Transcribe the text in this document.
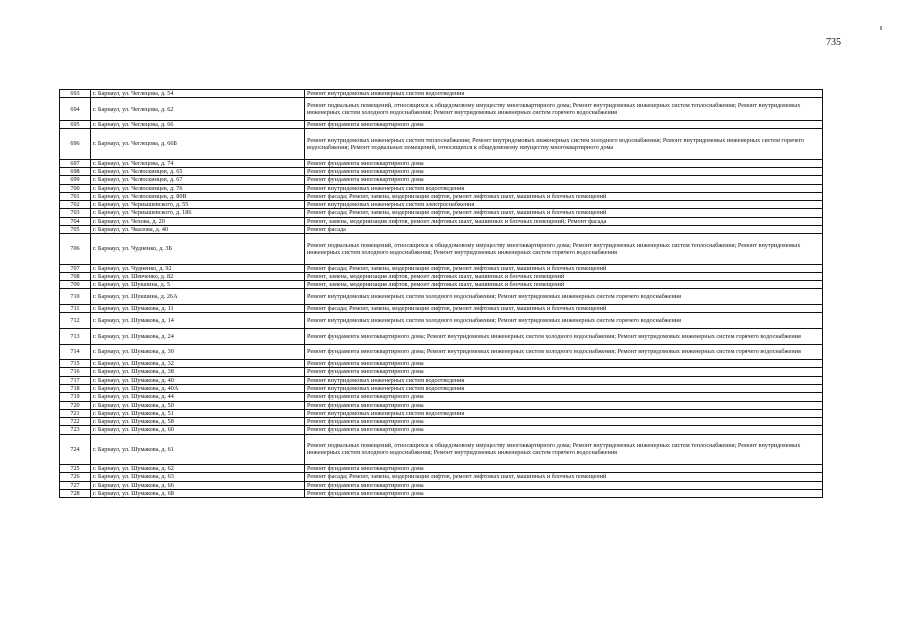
735
693	г. Барнаул, ул. Чеглецова, д. 54	Ремонт внутридомовых инженерных систем водоотведения
694	г. Барнаул, ул. Чеглецова, д. 62	Ремонт подвальных помещений, относящихся к общедомовому имуществу многоквартирного дома; Ремонт внутридомовых инженерных систем теплоснабжения; Ремонт внутридомовых инженерных систем холодного водоснабжения; Ремонт внутридомовых инженерных систем горячего водоснабжения
695	г. Барнаул, ул. Чеглецова, д. 66	Ремонт фундамента многоквартирного дома
696	г. Барнаул, ул. Чеглецова, д. 66Б	Ремонт внутридомовых инженерных систем теплоснабжения; Ремонт внутридомовых инженерных систем холодного водоснабжения; Ремонт внутридомовых инженерных систем горячего водоснабжения; Ремонт подвальных помещений, относящихся к общедомовому имуществу многоквартирного дома
697	г. Барнаул, ул. Чеглецова, д. 74	Ремонт фундамента многоквартирного дома
698	г. Барнаул, ул. Челюскинцев, д. 65	Ремонт фундамента многоквартирного дома
699	г. Барнаул, ул. Челюскинцев, д. 67	Ремонт фундамента многоквартирного дома
700	г. Барнаул, ул. Челюскинцев, д. 76	Ремонт внутридомовых инженерных систем водоотведения
701	г. Барнаул, ул. Челюскинцев, д. 80В	Ремонт фасада; Ремонт, замена, модернизация лифтов, ремонт лифтовых шахт, машинных и блочных помещений
702	г. Барнаул, ул. Чернышевского, д. 55	Ремонт внутридомовых инженерных систем электроснабжения
703	г. Барнаул, ул. Чернышевского, д. 186	Ремонт фасада; Ремонт, замена, модернизация лифтов, ремонт лифтовых шахт, машинных и блочных помещений
704	г. Барнаул, ул. Чехова, д. 20	Ремонт, замена, модернизация лифтов, ремонт лифтовых шахт, машинных и блочных помещений; Ремонт фасада
705	г. Барнаул, ул. Чкалова, д. 40	Ремонт фасада
706	г. Барнаул, ул. Чудненко, д. 3Б	Ремонт подвальных помещений, относящихся к общедомовому имуществу многоквартирного дома; Ремонт внутридомовых инженерных систем теплоснабжения; Ремонт внутридомовых инженерных систем холодного водоснабжения; Ремонт внутридомовых инженерных систем горячего водоснабжения
707	г. Барнаул, ул. Чудненко, д. 92	Ремонт фасада; Ремонт, замена, модернизация лифтов, ремонт лифтовых шахт, машинных и блочных помещений
708	г. Барнаул, ул. Шевченко, д. 82	Ремонт, замена, модернизация лифтов, ремонт лифтовых шахт, машинных и блочных помещений
709	г. Барнаул, ул. Шукшина, д. 5	Ремонт, замена, модернизация лифтов, ремонт лифтовых шахт, машинных и блочных помещений
710	г. Барнаул, ул. Шукшина, д. 26А	Ремонт внутридомовых инженерных систем холодного водоснабжения; Ремонт внутридомовых инженерных систем горячего водоснабжения
711	г. Барнаул, ул. Шумакова, д. 11	Ремонт фасада; Ремонт, замена, модернизация лифтов, ремонт лифтовых шахт, машинных и блочных помещений
712	г. Барнаул, ул. Шумакова, д. 14	Ремонт внутридомовых инженерных систем холодного водоснабжения; Ремонт внутридомовых инженерных систем горячего водоснабжения
713	г. Барнаул, ул. Шумакова, д. 24	Ремонт фундамента многоквартирного дома; Ремонт внутридомовых инженерных систем холодного водоснабжения; Ремонт внутридомовых инженерных систем горячего водоснабжения
714	г. Барнаул, ул. Шумакова, д. 30	Ремонт фундамента многоквартирного дома; Ремонт внутридомовых инженерных систем холодного водоснабжения; Ремонт внутридомовых инженерных систем горячего водоснабжения
715	г. Барнаул, ул. Шумакова, д. 32	Ремонт фундамента многоквартирного дома
716	г. Барнаул, ул. Шумакова, д. 38	Ремонт фундамента многоквартирного дома
717	г. Барнаул, ул. Шумакова, д. 40	Ремонт внутридомовых инженерных систем водоотведения
718	г. Барнаул, ул. Шумакова, д. 40А	Ремонт внутридомовых инженерных систем водоотведения
719	г. Барнаул, ул. Шумакова, д. 44	Ремонт фундамента многоквартирного дома
720	г. Барнаул, ул. Шумакова, д. 50	Ремонт фундамента многоквартирного дома
721	г. Барнаул, ул. Шумакова, д. 51	Ремонт внутридомовых инженерных систем водоотведения
722	г. Барнаул, ул. Шумакова, д. 58	Ремонт фундамента многоквартирного дома
723	г. Барнаул, ул. Шумакова, д. 60	Ремонт фундамента многоквартирного дома
724	г. Барнаул, ул. Шумакова, д. 61	Ремонт подвальных помещений, относящихся к общедомовому имуществу многоквартирного дома; Ремонт внутридомовых инженерных систем теплоснабжения; Ремонт внутридомовых инженерных систем холодного водоснабжения; Ремонт внутридомовых инженерных систем горячего водоснабжения
725	г. Барнаул, ул. Шумакова, д. 62	Ремонт фундамента многоквартирного дома
726	г. Барнаул, ул. Шумакова, д. 63	Ремонт фасада; Ремонт, замена, модернизация лифтов, ремонт лифтовых шахт, машинных и блочных помещений
727	г. Барнаул, ул. Шумакова, д. 66	Ремонт фундамента многоквартирного дома
728	г. Барнаул, ул. Шумакова, д. 68	Ремонт фундамента многоквартирного дома
